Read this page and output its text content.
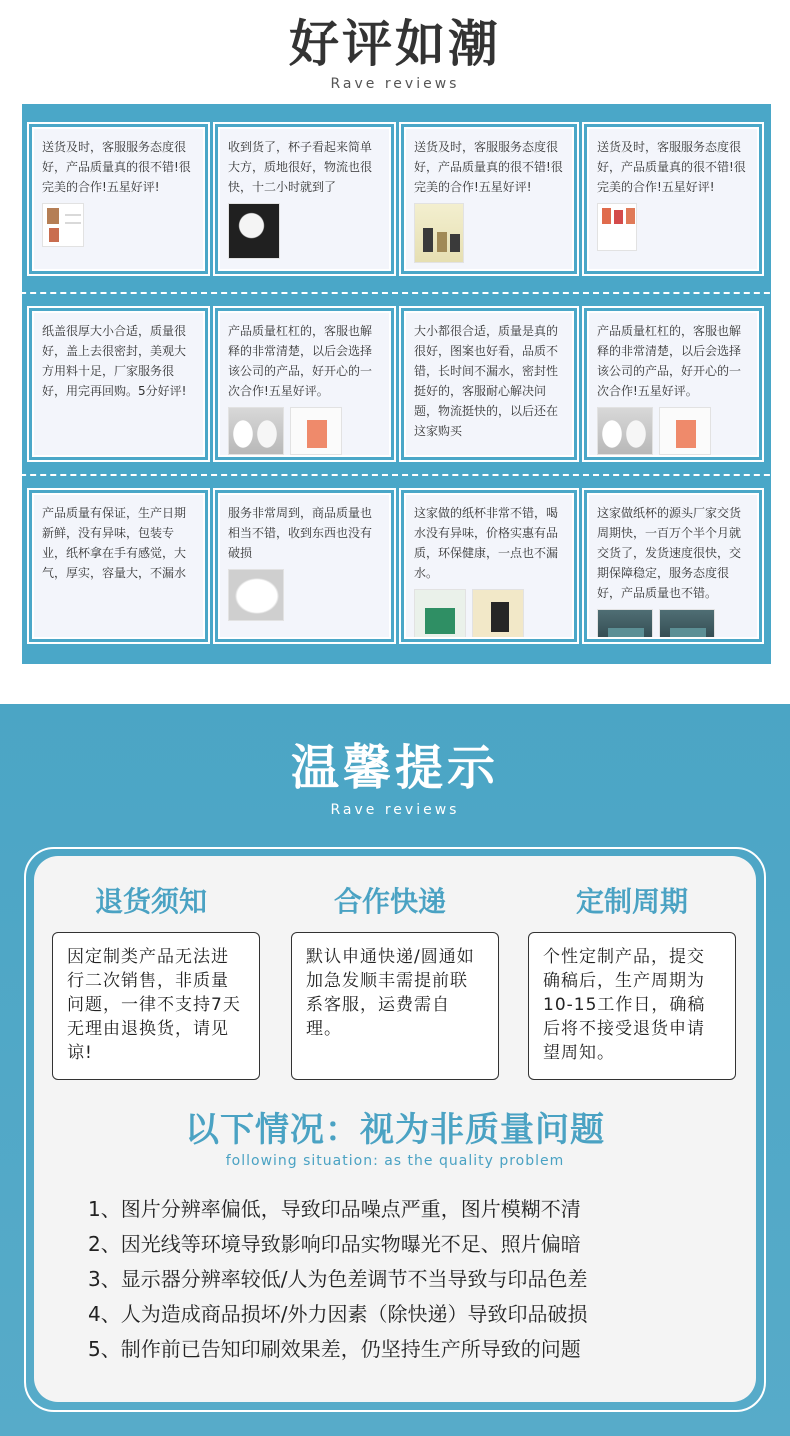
好评如潮
Rave reviews
送货及时，客服服务态度很好，产品质量真的很不错!很完美的合作!五星好评!
收到货了，杯子看起来简单大方，质地很好，物流也很快，十二小时就到了
送货及时，客服服务态度很好，产品质量真的很不错!很完美的合作!五星好评!
送货及时，客服服务态度很好，产品质量真的很不错!很完美的合作!五星好评!
纸盖很厚大小合适，质量很好，盖上去很密封，美观大方用料十足，厂家服务很好，用完再回购。5分好评!
产品质量杠杠的，客服也解释的非常清楚，以后会选择该公司的产品，好开心的一次合作!五星好评。
大小都很合适，质量是真的很好，图案也好看，品质不错，长时间不漏水，密封性挺好的，客服耐心解决问题，物流挺快的，以后还在这家购买
产品质量杠杠的，客服也解释的非常清楚，以后会选择该公司的产品，好开心的一次合作!五星好评。
产品质量有保证，生产日期新鲜，没有异味，包装专业，纸杯拿在手有感觉，大气，厚实，容量大，不漏水
服务非常周到，商品质量也相当不错，收到东西也没有破损
这家做的纸杯非常不错，喝水没有异味，价格实惠有品质，环保健康，一点也不漏水。
这家做纸杯的源头厂家交货周期快，一百万个半个月就交货了，发货速度很快，交期保障稳定，服务态度很好，产品质量也不错。
温馨提示
Rave reviews
退货须知	合作快递	定制周期
因定制类产品无法进行二次销售，非质量问题，一律不支持7天无理由退换货，请见谅!
默认申通快递/圆通如加急发顺丰需提前联系客服，运费需自理。
个性定制产品，提交确稿后，生产周期为10-15工作日，确稿后将不接受退货申请望周知。
以下情况：视为非质量问题
following situation: as the quality problem
1、图片分辨率偏低，导致印品噪点严重，图片模糊不清
2、因光线等环境导致影响印品实物曝光不足、照片偏暗
3、显示器分辨率较低/人为色差调节不当导致与印品色差
4、人为造成商品损坏/外力因素（除快递）导致印品破损
5、制作前已告知印刷效果差，仍坚持生产所导致的问题
